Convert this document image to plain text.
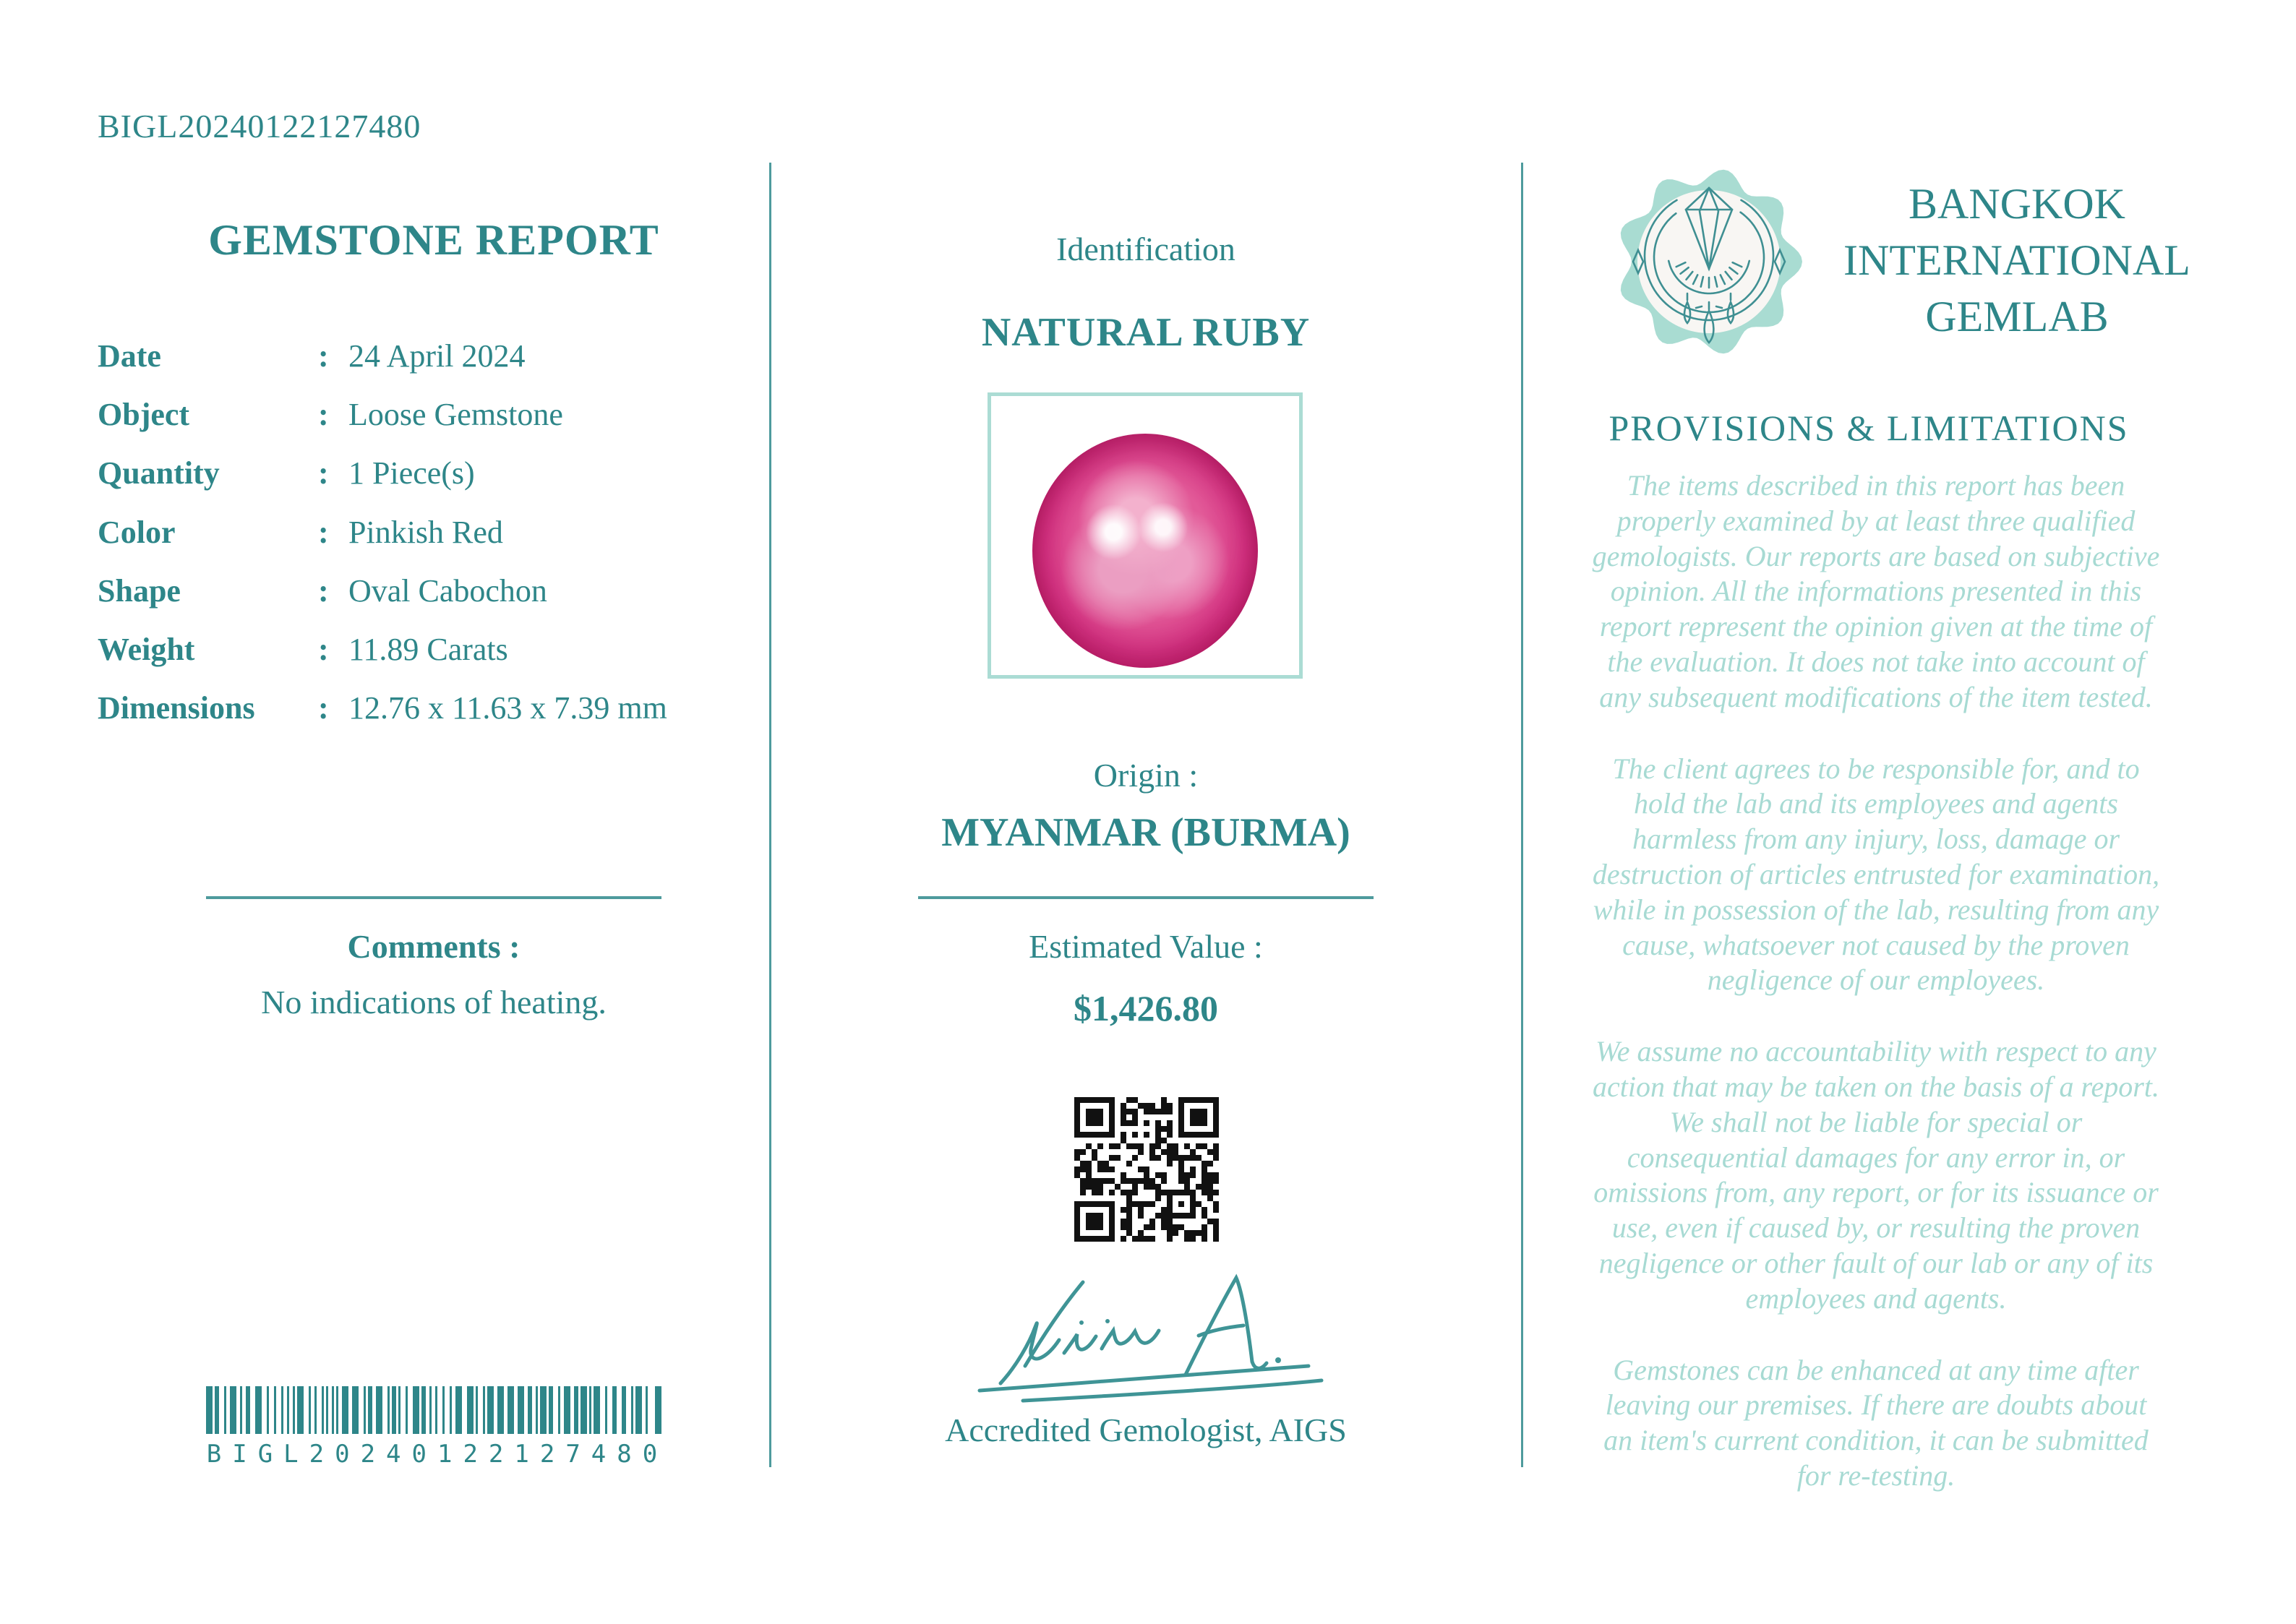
BIGL20240122127480
GEMSTONE REPORT
Date	: 24 April 2024
Object	: Loose Gemstone
Quantity	: 1 Piece(s)
Color	: Pinkish Red
Shape	: Oval Cabochon
Weight	: 11.89 Carats
Dimensions	: 12.76 x 11.63 x 7.39 mm
Comments :
No indications of heating.
BIGL20240122127480
Identification
NATURAL RUBY
Origin :
MYANMAR (BURMA)
Estimated Value :
$1,426.80
Accredited Gemologist, AIGS
BANGKOK
INTERNATIONAL
GEMLAB
PROVISIONS & LIMITATIONS

The items described in this report has been properly examined by at least three qualified gemologists. Our reports are based on subjective opinion. All the informations presented in this report represent the opinion given at the time of the evaluation. It does not take into account of any subsequent modifications of the item tested.

The client agrees to be responsible for, and to hold the lab and its employees and agents harmless from any injury, loss, damage or destruction of articles entrusted for examination, while in possession of the lab, resulting from any cause, whatsoever not caused by the proven negligence of our employees.

We assume no accountability with respect to any action that may be taken on the basis of a report. We shall not be liable for special or consequential damages for any error in, or omissions from, any report, or for its issuance or use, even if caused by, or resulting the proven negligence or other fault of our lab or any of its employees and agents.

Gemstones can be enhanced at any time after leaving our premises. If there are doubts about an item's current condition, it can be submitted for re-testing.
